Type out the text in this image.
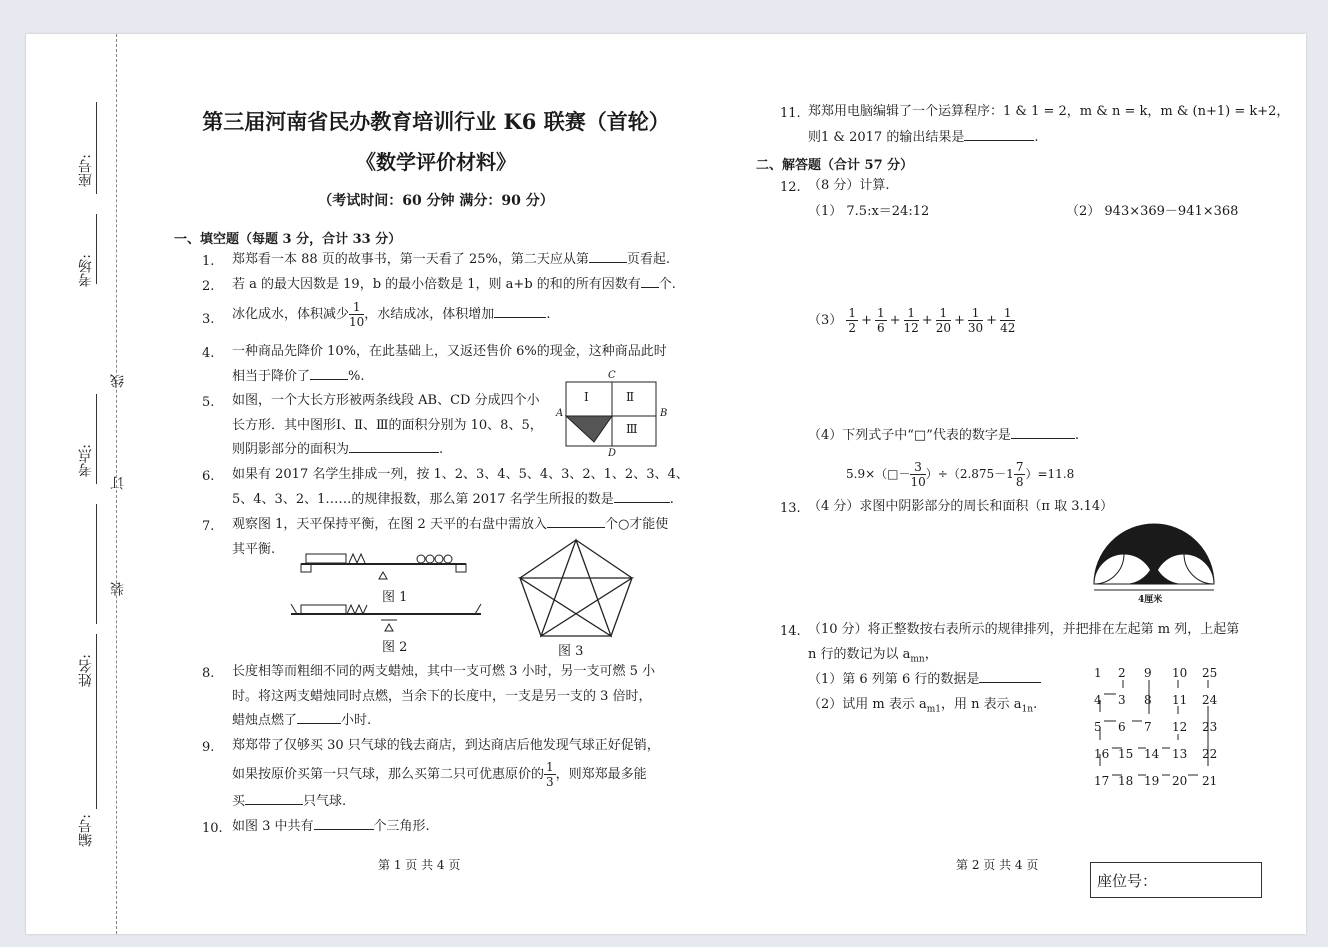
座号:
考场:
线
考点:
订
装
姓名:
编号:
第三届河南省民办教育培训行业 K6 联赛（首轮）
《数学评价材料》
（考试时间：60 分钟 满分：90 分）
一、填空题（每题 3 分，合计 33 分）
1. 郑郑看一本 88 页的故事书，第一天看了 25%，第二天应从第	页看起.
2. 若 a 的最大因数是 19，b 的最小倍数是 1，则 a+b 的和的所有因数有 个.
3. 冰化成水，体积减少 $\frac{1}{10}$ ，水结成冰，体积增加	.
4. 一种商品先降价 10%，在此基础上，又返还售价 6%的现金，这种商品此时
相当于降价了	%.
5. 如图，一个大长方形被两条线段 AB、CD 分成四个小
长方形．其中图形Ⅰ、Ⅱ、Ⅲ的面积分别为 10、8、5，
则阴影部分的面积为	.
Ⅰ	Ⅱ
Ⅲ
A	B
C
D
6. 如果有 2017 名学生排成一列，按 1、2、3、4、5、4、3、2、1、2、3、4、
5、4、3、2、1……的规律报数，那么第 2017 名学生所报的数是	.
7. 观察图 1，天平保持平衡，在图 2 天平的右盘中需放入	个○才能使
其平衡.
图 1
图 2	图 3
8. 长度相等而粗细不同的两支蜡烛，其中一支可燃 3 小时，另一支可燃 5 小
时。将这两支蜡烛同时点燃，当余下的长度中，一支是另一支的 3 倍时，
蜡烛点燃了	小时.
9. 郑郑带了仅够买 30 只气球的钱去商店，到达商店后他发现气球正好促销，
如果按原价买第一只气球，那么买第二只可优惠原价的 $\frac{1}{3}$ ，则郑郑最多能
买	只气球.
10. 如图 3 中共有	个三角形.
第 1 页 共 4 页
11. 郑郑用电脑编辑了一个运算程序：1 & 1 = 2，m & n = k，m & (n+1) = k+2，
则1 & 2017 的输出结果是	.
二、解答题（合计 57 分）
12. （8 分）计算.
（1） 7.5:x＝24:12	（2） 943×369－941×368
$(3) \frac{1}{2} + \frac{1}{6} + \frac{1}{12} + \frac{1}{20} + \frac{1}{30} + \frac{1}{42}$
（4）下列式子中“□”代表的数字是	.
5.9×（□－ $\frac{3}{10} )\div(2.875-1 \frac{7}{8} )=11.8$
13. （4 分）求图中阴影部分的周长和面积（π 取 3.14）
4厘米
14. （10 分）将正整数按右表所示的规律排列，并把排在左起第 m 列，上起第
n 行的数记为以 $a_{mn}$，
（1）第 6 列第 6 行的数据是
（2）试用 m 表示 $a_{m1}$，用 n 表示 $a_{1n}$.
1 2 9 10 25
4 3 8 11 24
5 6 7 12 23
16 15 14 13 22
17 18 19 20 21
第 2 页 共 4 页
座位号：
